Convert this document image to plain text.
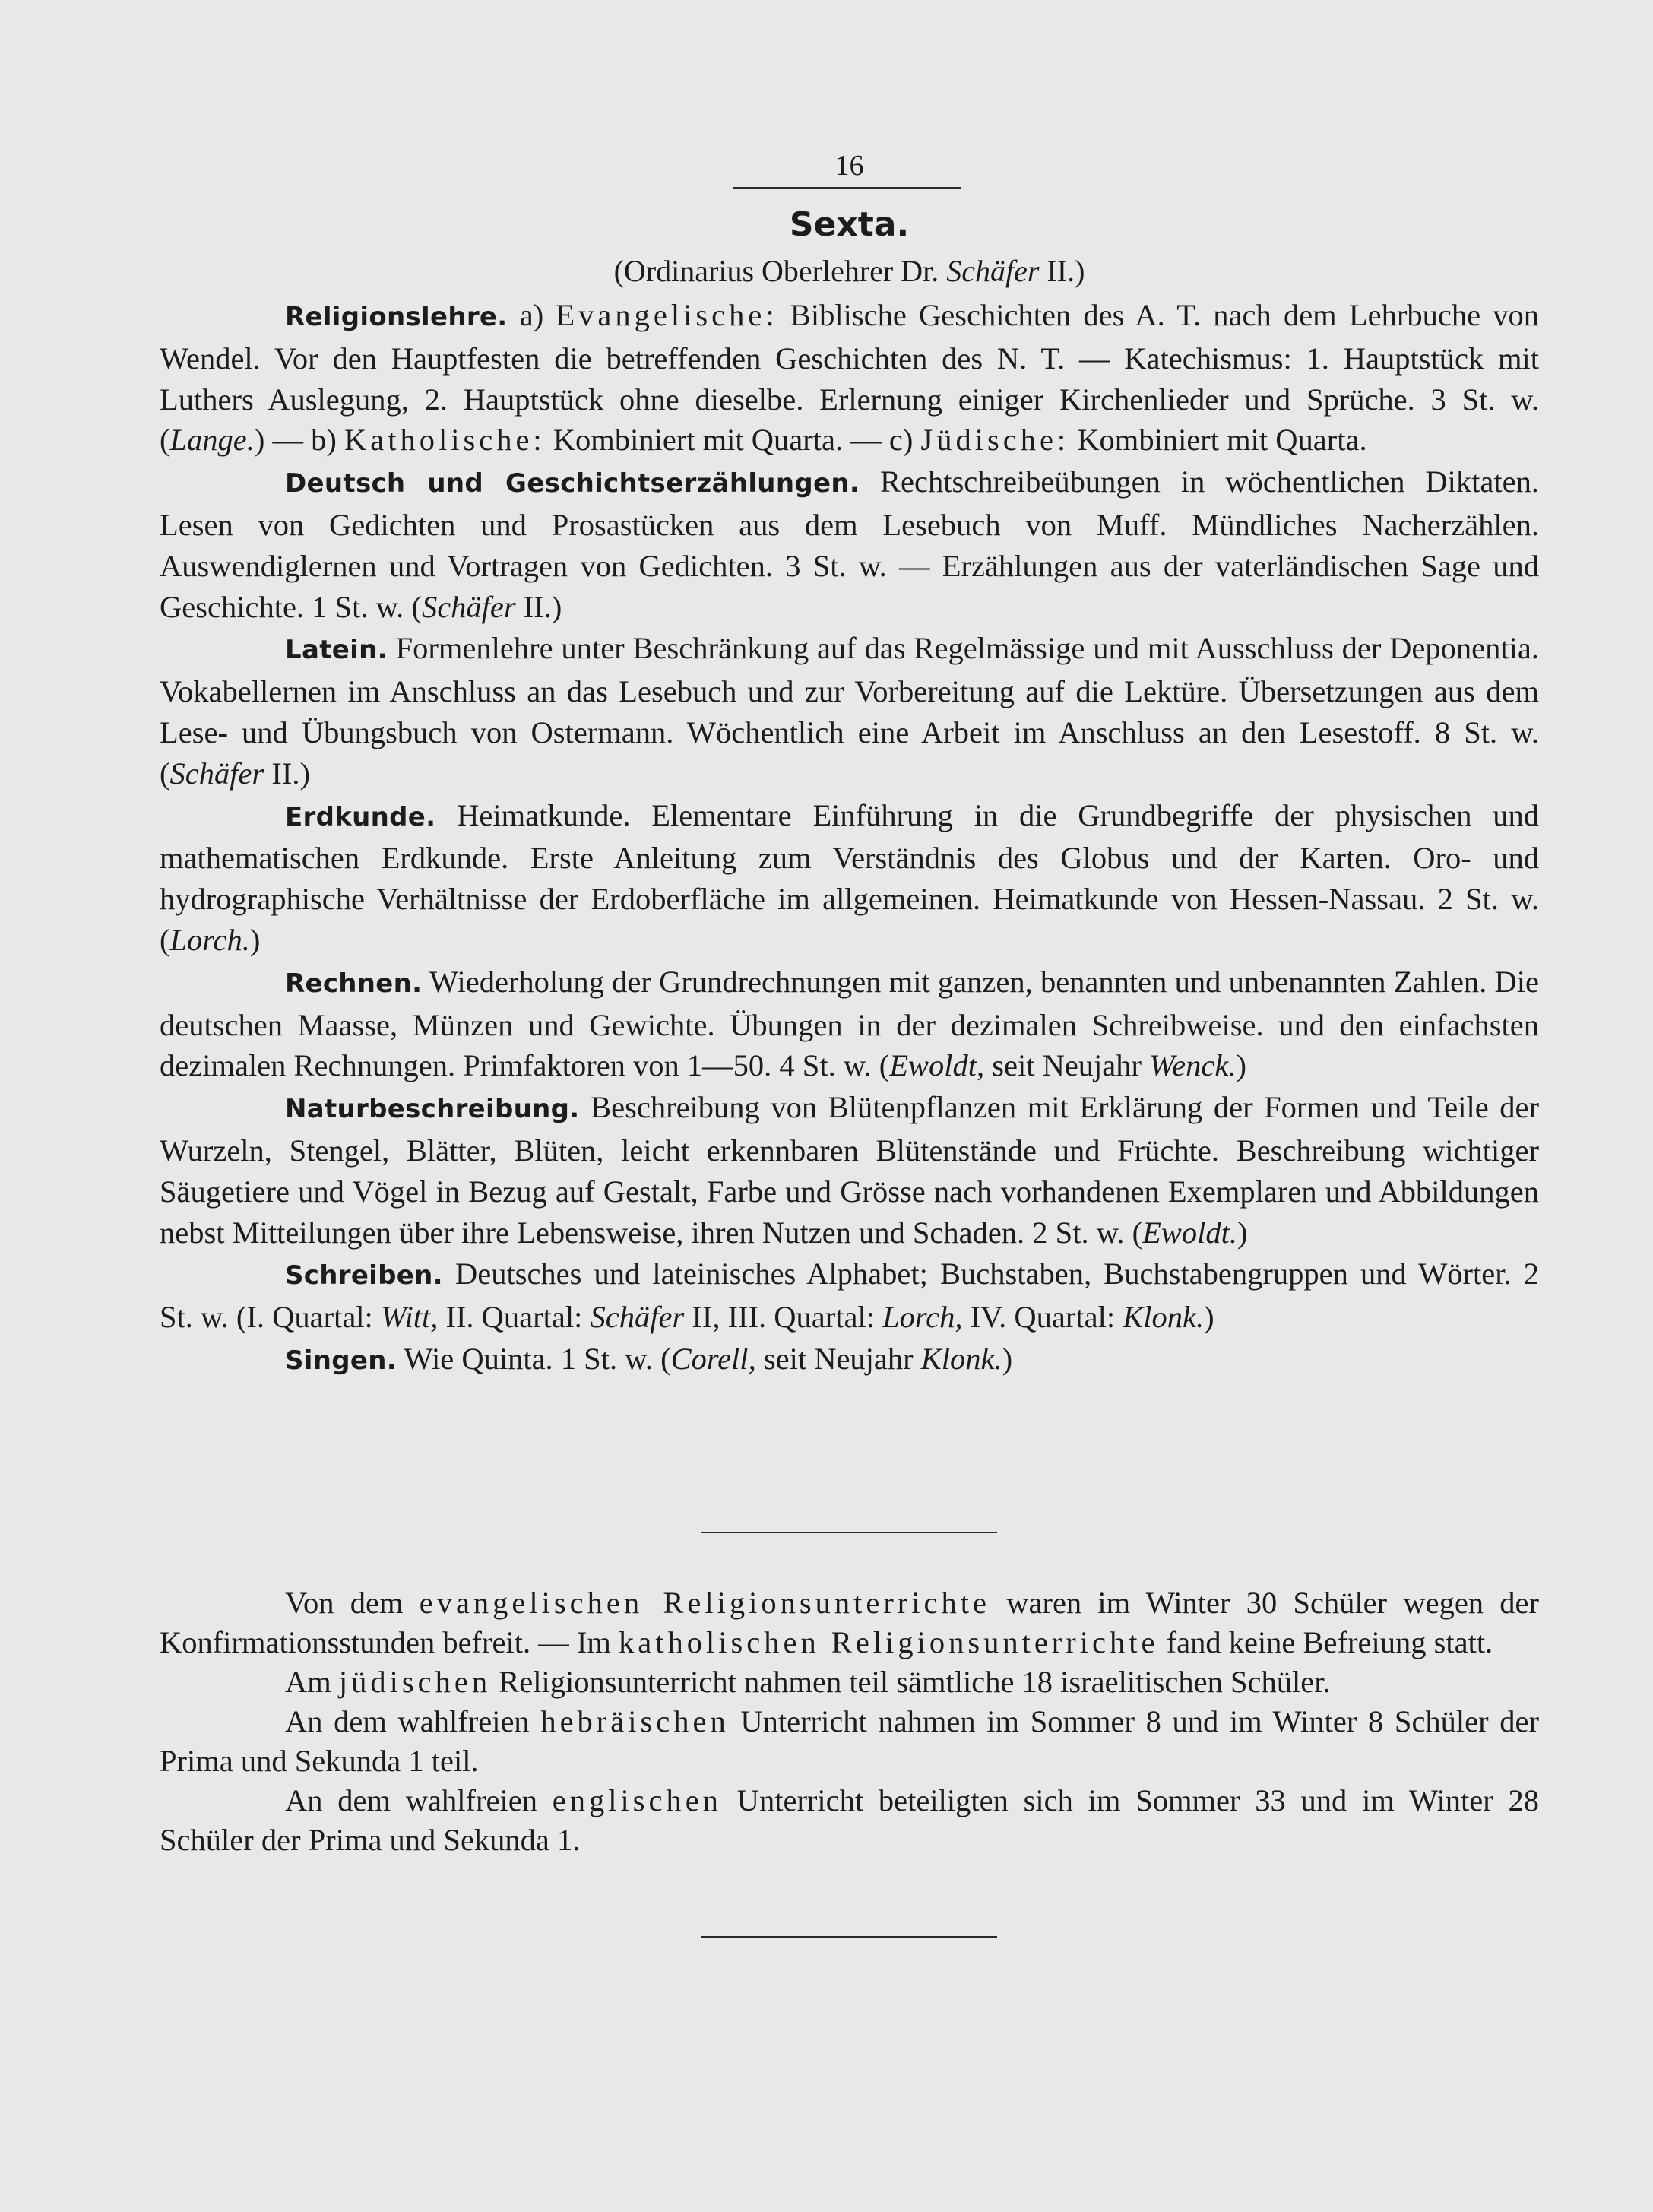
16
Sexta.
(Ordinarius Oberlehrer Dr. Schäfer II.)

Religionslehre. a) Evangelische: Biblische Geschichten des A. T. nach dem Lehrbuche von Wendel. Vor den Hauptfesten die betreffenden Geschichten des N. T. — Katechismus: 1. Hauptstück mit Luthers Auslegung, 2. Hauptstück ohne dieselbe. Erlernung einiger Kirchenlieder und Sprüche. 3 St. w. (Lange.) — b) Katholische: Kombiniert mit Quarta. — c) Jüdische: Kombiniert mit Quarta.

Deutsch und Geschichtserzählungen. Rechtschreibeübungen in wöchentlichen Diktaten. Lesen von Gedichten und Prosastücken aus dem Lesebuch von Muff. Mündliches Nacherzählen. Auswendiglernen und Vortragen von Gedichten. 3 St. w. — Erzählungen aus der vaterländischen Sage und Geschichte. 1 St. w. (Schäfer II.)

Latein. Formenlehre unter Beschränkung auf das Regelmässige und mit Ausschluss der Deponentia. Vokabellernen im Anschluss an das Lesebuch und zur Vorbereitung auf die Lektüre. Übersetzungen aus dem Lese- und Übungsbuch von Ostermann. Wöchentlich eine Arbeit im Anschluss an den Lesestoff. 8 St. w. (Schäfer II.)

Erdkunde. Heimatkunde. Elementare Einführung in die Grundbegriffe der physischen und mathematischen Erdkunde. Erste Anleitung zum Verständnis des Globus und der Karten. Oro- und hydrographische Verhältnisse der Erdoberfläche im allgemeinen. Heimatkunde von Hessen-Nassau. 2 St. w. (Lorch.)

Rechnen. Wiederholung der Grundrechnungen mit ganzen, benannten und unbenannten Zahlen. Die deutschen Maasse, Münzen und Gewichte. Übungen in der dezimalen Schreibweise. und den einfachsten dezimalen Rechnungen. Primfaktoren von 1—50. 4 St. w. (Ewoldt, seit Neujahr Wenck.)

Naturbeschreibung. Beschreibung von Blütenpflanzen mit Erklärung der Formen und Teile der Wurzeln, Stengel, Blätter, Blüten, leicht erkennbaren Blütenstände und Früchte. Beschreibung wichtiger Säugetiere und Vögel in Bezug auf Gestalt, Farbe und Grösse nach vorhandenen Exemplaren und Abbildungen nebst Mitteilungen über ihre Lebensweise, ihren Nutzen und Schaden. 2 St. w. (Ewoldt.)

Schreiben. Deutsches und lateinisches Alphabet; Buchstaben, Buchstabengruppen und Wörter. 2 St. w. (I. Quartal: Witt, II. Quartal: Schäfer II, III. Quartal: Lorch, IV. Quartal: Klonk.)

Singen. Wie Quinta. 1 St. w. (Corell, seit Neujahr Klonk.)

Von dem evangelischen Religionsunterrichte waren im Winter 30 Schüler wegen der Konfirmationsstunden befreit. — Im katholischen Religionsunterrichte fand keine Befreiung statt.

Am jüdischen Religionsunterricht nahmen teil sämtliche 18 israelitischen Schüler.

An dem wahlfreien hebräischen Unterricht nahmen im Sommer 8 und im Winter 8 Schüler der Prima und Sekunda 1 teil.

An dem wahlfreien englischen Unterricht beteiligten sich im Sommer 33 und im Winter 28 Schüler der Prima und Sekunda 1.
